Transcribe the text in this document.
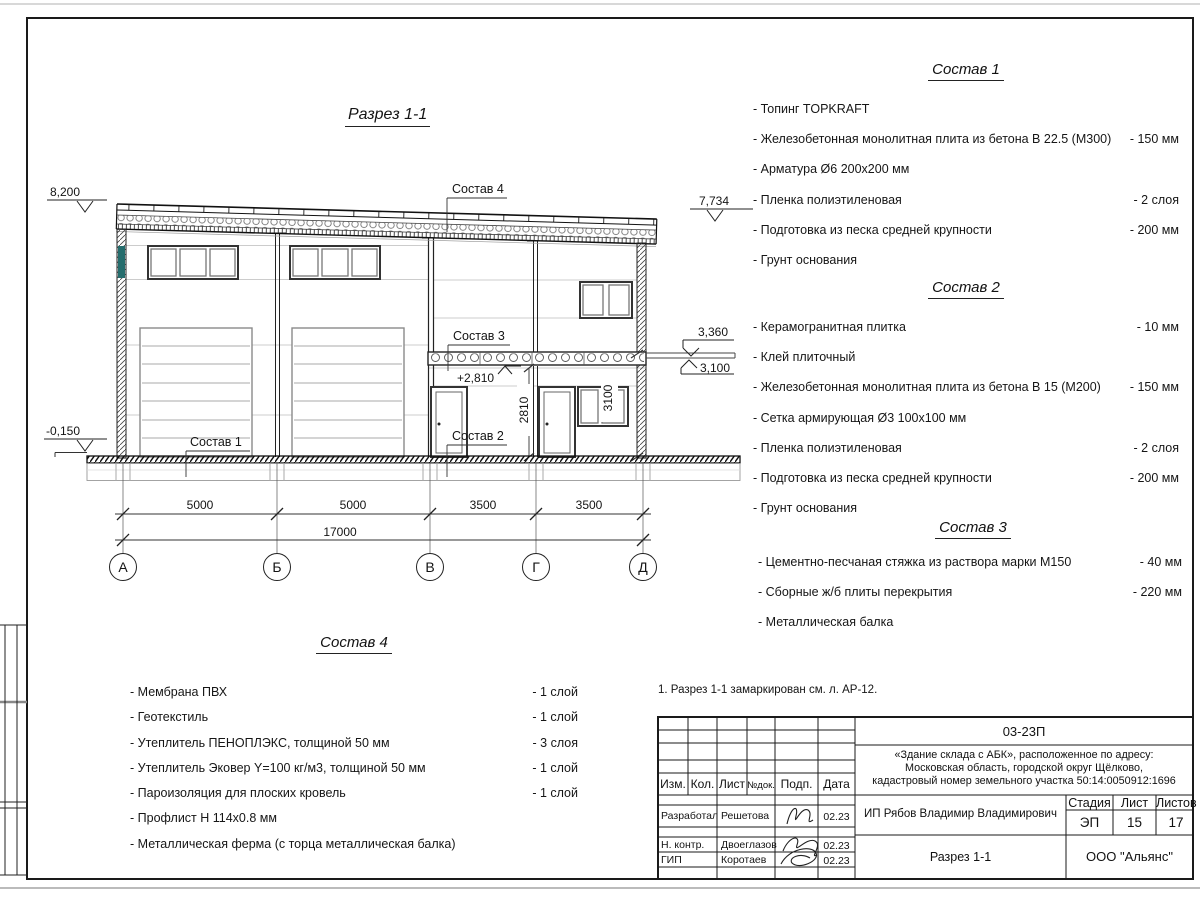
2810	3100
5000	5000	3500	3500
17000
А	Б	В	Г	Д
Разрез 1-1
8,200
7,734
3,360
3,100
-0,150
+2,810
Состав 4
Состав 3
Состав 1	Состав 2
Состав 1
- Топинг TOPKRAFT
- Железобетонная монолитная плита из бетона В 22.5 (М300) - 150 мм
- Арматура Ø6 200x200 мм
- Пленка полиэтиленовая	- 2 слоя
- Подготовка из песка средней крупности	- 200 мм
- Грунт основания
Состав 2
- Керамогранитная плитка	- 10 мм
- Клей плиточный
- Железобетонная монолитная плита из бетона В 15 (М200) - 150 мм
- Сетка армирующая Ø3 100x100 мм
- Пленка полиэтиленовая	- 2 слоя
- Подготовка из песка средней крупности	- 200 мм
- Грунт основания
Состав 3
- Цементно-песчаная стяжка из раствора марки М150	- 40 мм
- Сборные ж/б плиты перекрытия	- 220 мм
- Металлическая балка
Состав 4
- Мембрана ПВХ	- 1 слой
- Геотекстиль	- 1 слой
- Утеплитель ПЕНОПЛЭКС, толщиной 50 мм	- 3 слоя
- Утеплитель Эковер Y=100 кг/м3, толщиной 50 мм	- 1 слой
- Пароизоляция для плоских кровель	- 1 слой
- Профлист Н 114х0.8 мм
- Металлическая ферма (с торца металлическая балка)
1. Разрез 1-1 замаркирован см. л. АР-12.
Изм. Кол. Лист №док. Подп. Дата
Разработал Решетова	02.23
Н. контр. Двоеглазов	02.23
ГИП	Коротаев	02.23
03-23П
«Здание склада с АБК», расположенное по адресу:
Московская область, городской округ Щёлково,
кадастровый номер земельного участка 50:14:0050912:1696
ИП Рябов Владимир Владимирович
Стадия Лист Листов
ЭП	15	17
Разрез 1-1	ООО "Альянс"
